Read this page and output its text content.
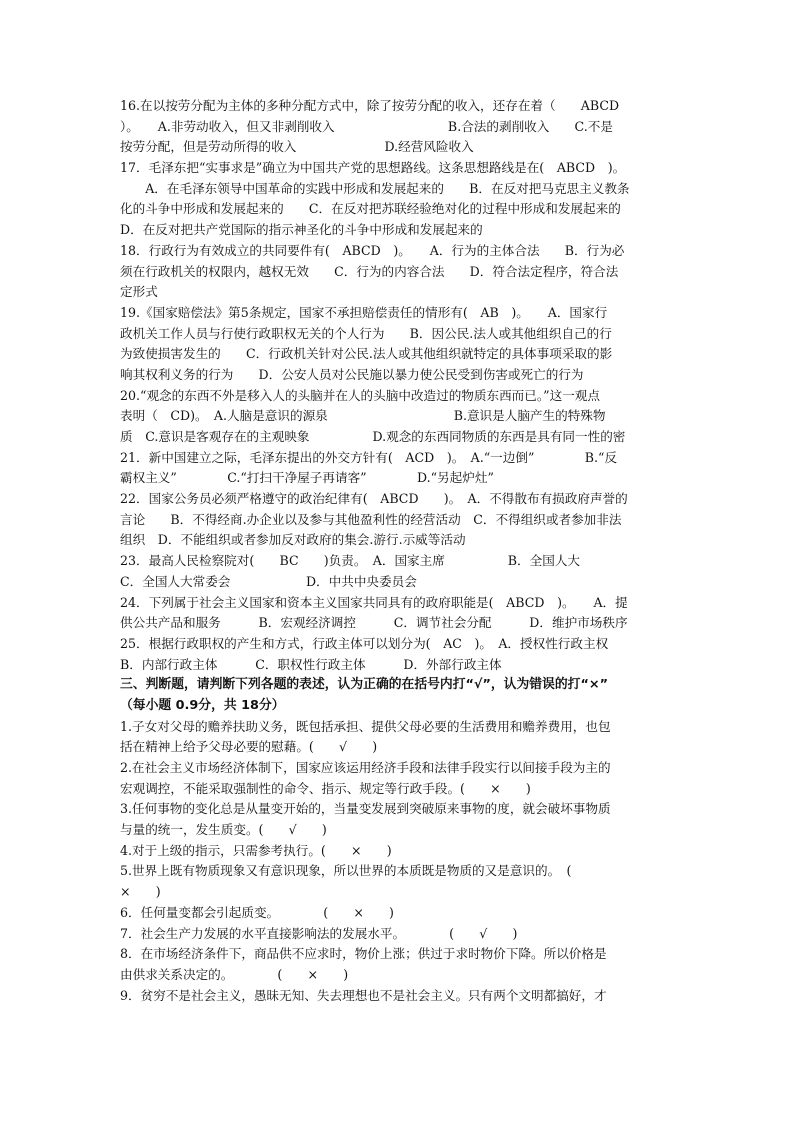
16.在以按劳分配为主体的多种分配方式中，除了按劳分配的收入，还存在着（　　ABCD
）。　　A.非劳动收入，但又非剥削收入　　　　　　　　　B.合法的剥削收入　　C.不是
按劳分配，但是劳动所得的收入　　　　　　　D.经营风险收入
17．毛泽东把“实事求是”确立为中国共产党的思想路线。这条思想路线是在(　ABCD　)。
　　A．在毛泽东领导中国革命的实践中形成和发展起来的　　B．在反对把马克思主义教条
化的斗争中形成和发展起来的　　C．在反对把苏联经验绝对化的过程中形成和发展起来的
D．在反对把共产党国际的指示神圣化的斗争中形成和发展起来的
18．行政行为有效成立的共同要件有(　ABCD　)。　　A．行为的主体合法　　B．行为必
须在行政机关的权限内，越权无效　　C．行为的内容合法　　D．符合法定程序，符合法
定形式
19.《国家赔偿法》第5条规定，国家不承担赔偿责任的情形有(　AB　)。　　A．国家行
政机关工作人员与行使行政职权无关的个人行为　　B．因公民.法人或其他组织自己的行
为致使损害发生的　　C．行政机关针对公民.法人或其他组织就特定的具体事项采取的影
响其权利义务的行为　　D．公安人员对公民施以暴力使公民受到伤害或死亡的行为
20.“观念的东西不外是移入人的头脑并在人的头脑中改造过的物质东西而已。”这一观点
表明（　CD)。　A.人脑是意识的源泉　　　　　　　　　　B.意识是人脑产生的特殊物
质　C.意识是客观存在的主观映象　　　　　D.观念的东西同物质的东西是具有同一性的密
21．新中国建立之际，毛泽东提出的外交方针有(　ACD　)。　A.“一边倒”　　　　B.“反
霸权主义”　　　　C.“打扫干净屋子再请客”　　　　D.“另起炉灶”
22．国家公务员必须严格遵守的政治纪律有(　ABCD　　)。　A．不得散布有损政府声誉的
言论　　B．不得经商.办企业以及参与其他盈利性的经营活动　C．不得组织或者参加非法
组织　D．不能组织或者参加反对政府的集会.游行.示威等活动
23．最高人民检察院对(　　BC　　)负责。　A．国家主席　　　　　B．全国人大
C．全国人大常委会　　　　　　D．中共中央委员会
24．下列属于社会主义国家和资本主义国家共同具有的政府职能是(　ABCD　)。　　A．提
供公共产品和服务　　　B．宏观经济调控　　　C．调节社会分配　　　D．维护市场秩序
25．根据行政职权的产生和方式，行政主体可以划分为(　AC　)。　A．授权性行政主权
B．内部行政主体　　　C．职权性行政主体　　　D．外部行政主体
三、判断题，请判断下列各题的表述，认为正确的在括号内打“√”，认为错误的打“×”
（每小题 0.9分，共 18分）
1.子女对父母的赡养扶助义务，既包括承担、提供父母必要的生活费用和赡养费用，也包
括在精神上给予父母必要的慰藉。(　　√　　)
2.在社会主义市场经济体制下，国家应该运用经济手段和法律手段实行以间接手段为主的
宏观调控，不能采取强制性的命令、指示、规定等行政手段。(　　×　　)
3.任何事物的变化总是从量变开始的，当量变发展到突破原来事物的度，就会破坏事物质
与量的统一，发生质变。(　　√　　)
4.对于上级的指示，只需参考执行。(　　×　　)
5.世界上既有物质现象又有意识现象，所以世界的本质既是物质的又是意识的。　(
×　　)
6．任何量变都会引起质变。　　　　(　　×　　)
7．社会生产力发展的水平直接影响法的发展水平。　　　　(　　√　　)
8．在市场经济条件下，商品供不应求时，物价上涨；供过于求时物价下降。所以价格是
由供求关系决定的。　　　　(　　×　　)
9．贫穷不是社会主义，愚昧无知、失去理想也不是社会主义。只有两个文明都搞好，才
